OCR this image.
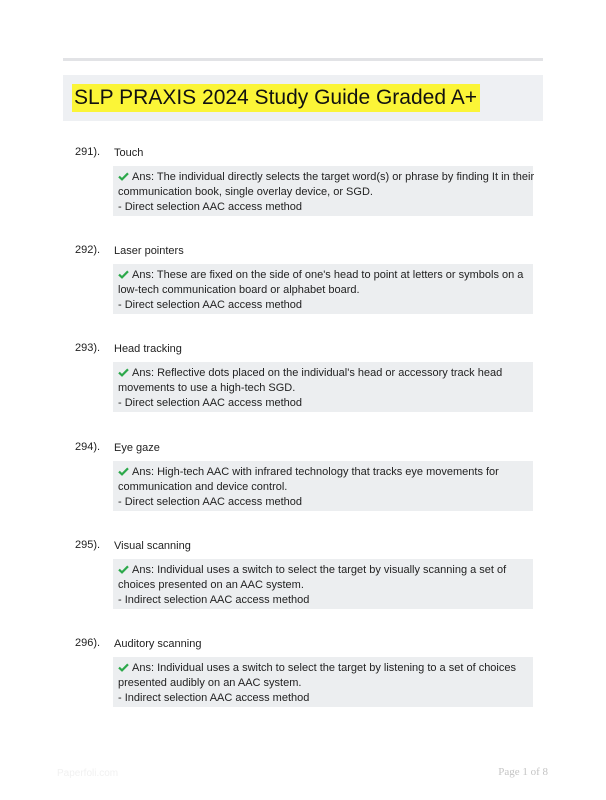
SLP PRAXIS 2024 Study Guide Graded A+
291). Touch
Ans: The individual directly selects the target word(s) or phrase by finding It in their
communication book, single overlay device, or SGD.
- Direct selection AAC access method
292). Laser pointers
Ans: These are fixed on the side of one's head to point at letters or symbols on a
low-tech communication board or alphabet board.
- Direct selection AAC access method
293). Head tracking
Ans: Reflective dots placed on the individual's head or accessory track head
movements to use a high-tech SGD.
- Direct selection AAC access method
294). Eye gaze
Ans: High-tech AAC with infrared technology that tracks eye movements for
communication and device control.
- Direct selection AAC access method
295). Visual scanning
Ans: Individual uses a switch to select the target by visually scanning a set of
choices presented on an AAC system.
- Indirect selection AAC access method
296). Auditory scanning
Ans: Individual uses a switch to select the target by listening to a set of choices
presented audibly on an AAC system.
- Indirect selection AAC access method
Paperfoli.com	Page 1 of 8
